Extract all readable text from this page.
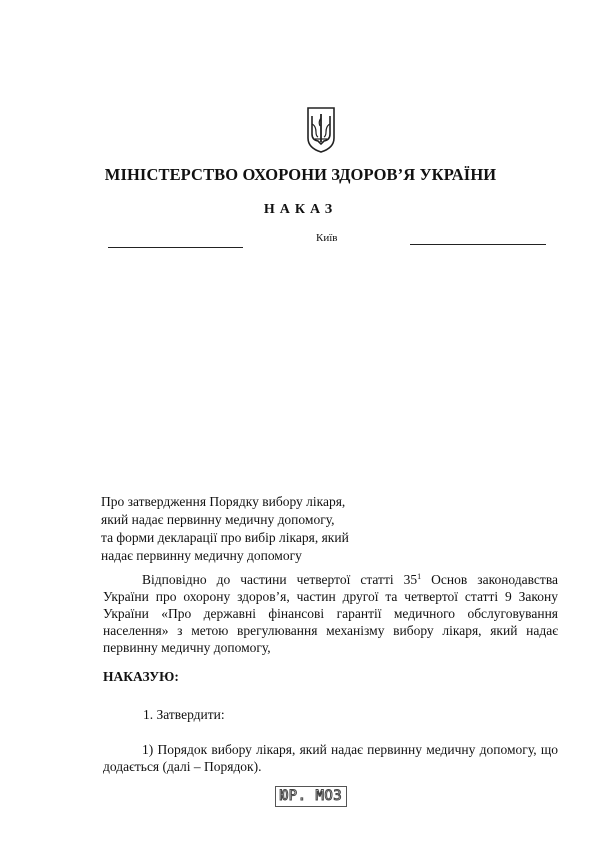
МІНІСТЕРСТВО ОХОРОНИ ЗДОРОВ’Я УКРАЇНИ
НАКАЗ
Київ
Про затвердження Порядку вибору лікаря,
який надає первинну медичну допомогу,
та форми декларації про вибір лікаря, який
надає первинну медичну допомогу
Відповідно до частини четвертої статті $35^1$ Основ законодавства України про охорону здоров’я, частин другої та четвертої статті 9 Закону України «Про державні фінансові гарантії медичного обслуговування населення» з метою врегулювання механізму вибору лікаря, який надає первинну медичну допомогу,
НАКАЗУЮ:
1. Затвердити:
1) Порядок вибору лікаря, який надає первинну медичну допомогу, що додається (далі – Порядок).
ЮР. МОЗ
